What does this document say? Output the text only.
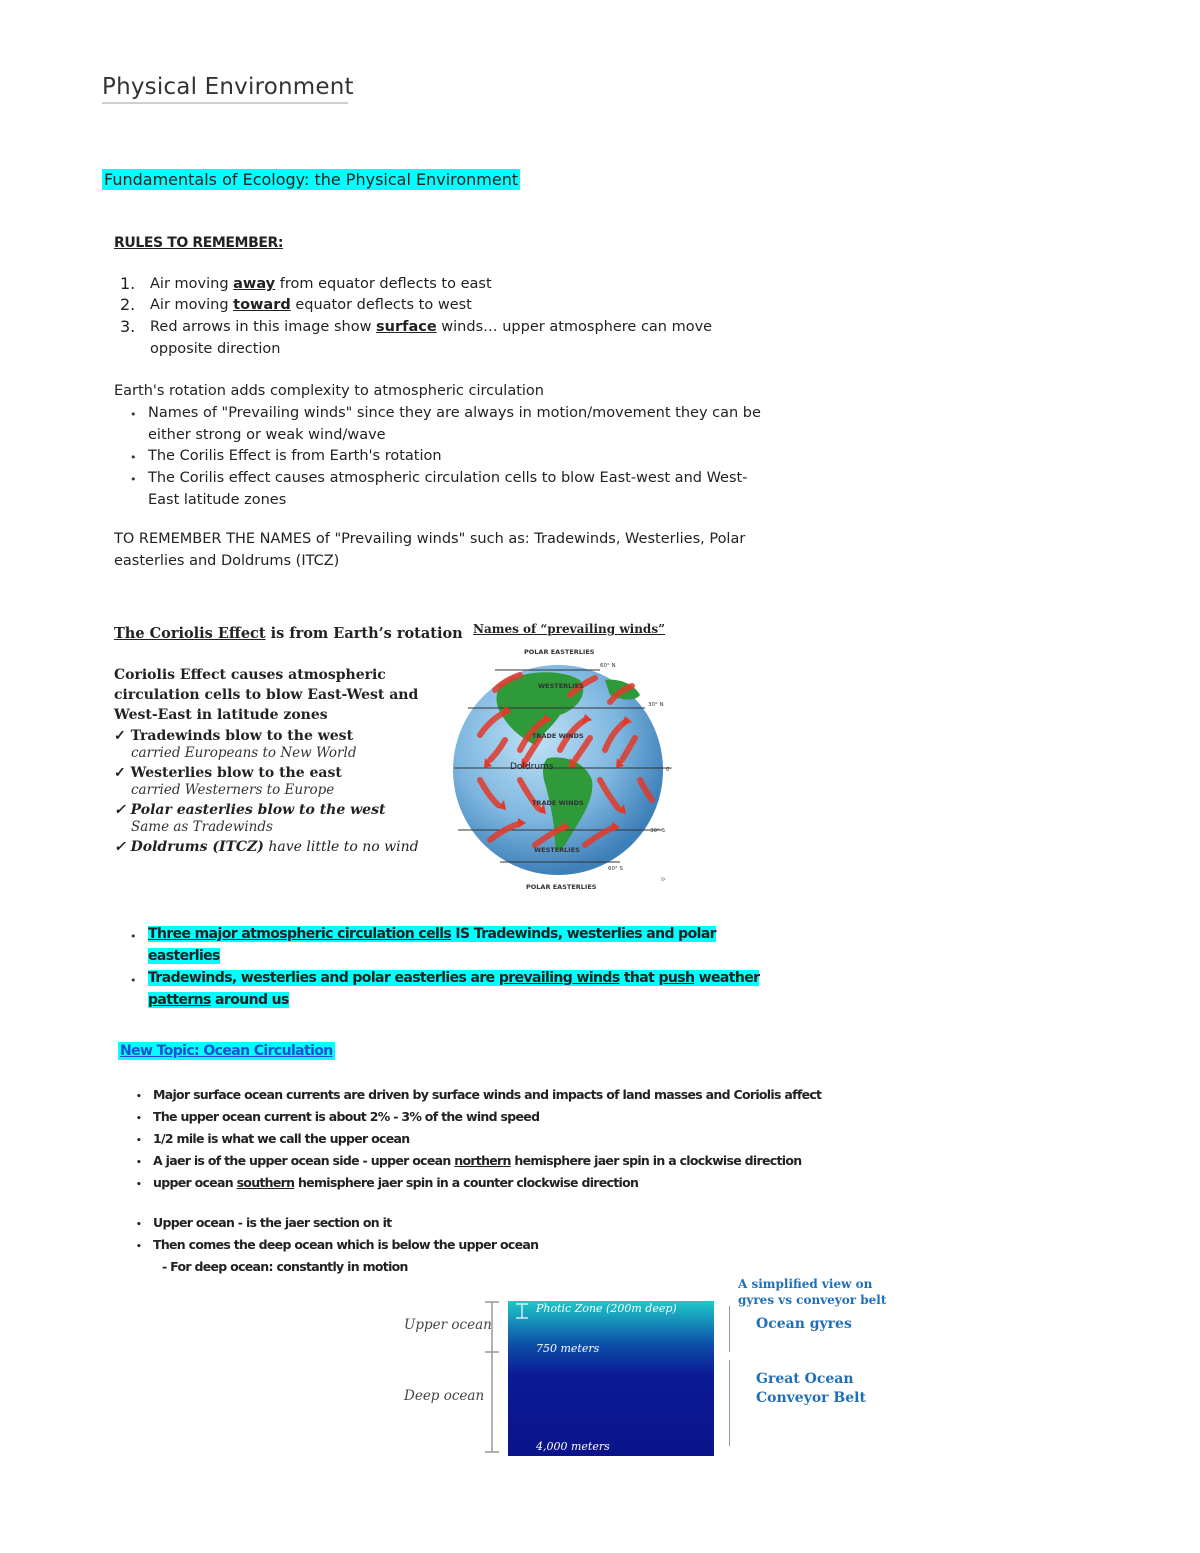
Physical Environment
Fundamentals of Ecology: the Physical Environment
RULES TO REMEMBER:
1. Air moving away from equator deflects to east
2. Air moving toward equator deflects to west
3. Red arrows in this image show surface winds… upper atmosphere can move
opposite direction
Earth's rotation adds complexity to atmospheric circulation
• Names of "Prevailing winds" since they are always in motion/movement they can be
either strong or weak wind/wave
• The Corilis Effect is from Earth's rotation
• The Corilis effect causes atmospheric circulation cells to blow East-west and West-
East latitude zones
TO REMEMBER THE NAMES of "Prevailing winds" such as: Tradewinds, Westerlies, Polar
easterlies and Doldrums (ITCZ)
The Coriolis Effect is from Earth’s rotation
Coriolis Effect causes atmospheric
circulation cells to blow East-West and
West-East in latitude zones
✓ Tradewinds blow to the west
carried Europeans to New World
✓ Westerlies blow to the east
carried Westerners to Europe
✓ Polar easterlies blow to the west
Same as Tradewinds
✓ Doldrums (ITCZ) have little to no wind
Names of “prevailing winds”
POLAR EASTERLIES
WESTERLIES
TRADE WINDS
Doldrums
TRADE WINDS
WESTERLIES
POLAR EASTERLIES
60° N
30° N
0°
30° S
60° S
»
• Three major atmospheric circulation cells IS Tradewinds, westerlies and polar
easterlies
• Tradewinds, westerlies and polar easterlies are prevailing winds that push weather
patterns around us
New Topic: Ocean Circulation
• Major surface ocean currents are driven by surface winds and impacts of land masses and Coriolis affect
• The upper ocean current is about 2% - 3% of the wind speed
• 1/2 mile is what we call the upper ocean
• A jaer is of the upper ocean side - upper ocean northern hemisphere jaer spin in a clockwise direction
• upper ocean southern hemisphere jaer spin in a counter clockwise direction
• Upper ocean - is the jaer section on it
• Then comes the deep ocean which is below the upper ocean
- For deep ocean: constantly in motion
Upper ocean
Deep ocean
Photic Zone (200m deep)
750 meters
4,000 meters
A simplified view on
gyres vs conveyor belt
Ocean gyres
Great Ocean
Conveyor Belt
